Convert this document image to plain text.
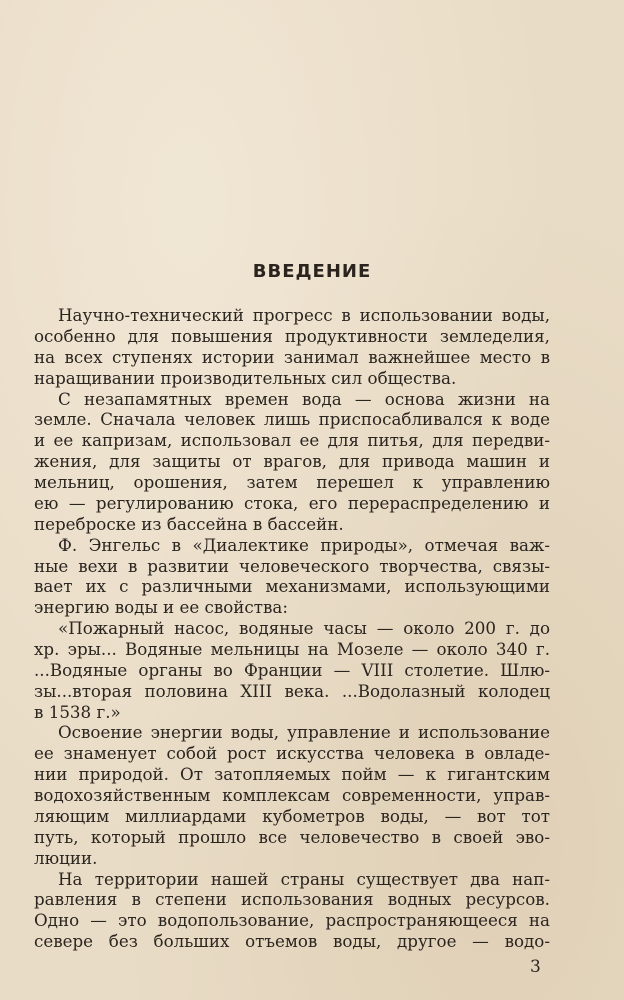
ВВЕДЕНИЕ
Научно-технический прогресс в использовании воды,
особенно для повышения продуктивности земледелия,
на всех ступенях истории занимал важнейшее место в
наращивании производительных сил общества.
С незапамятных времен вода — основа жизни на
земле. Сначала человек лишь приспосабливался к воде
и ее капризам, использовал ее для питья, для передви-
жения, для защиты от врагов, для привода машин и
мельниц, орошения, затем перешел к управлению
ею — регулированию стока, его перераспределению и
переброске из бассейна в бассейн.
Ф. Энгельс в «Диалектике природы», отмечая важ-
ные вехи в развитии человеческого творчества, связы-
вает их с различными механизмами, использующими
энергию воды и ее свойства:
«Пожарный насос, водяные часы — около 200 г. до
хр. эры... Водяные мельницы на Мозеле — около 340 г.
...Водяные органы во Франции — VIII столетие. Шлю-
зы...вторая половина XIII века. ...Водолазный колодец
в 1538 г.»
Освоение энергии воды, управление и использование
ее знаменует собой рост искусства человека в овладе-
нии природой. От затопляемых пойм — к гигантским
водохозяйственным комплексам современности, управ-
ляющим миллиардами кубометров воды, — вот тот
путь, который прошло все человечество в своей эво-
люции.
На территории нашей страны существует два нап-
равления в степени использования водных ресурсов.
Одно — это водопользование, распространяющееся на
севере без больших отъемов воды, другое — водо-
3
